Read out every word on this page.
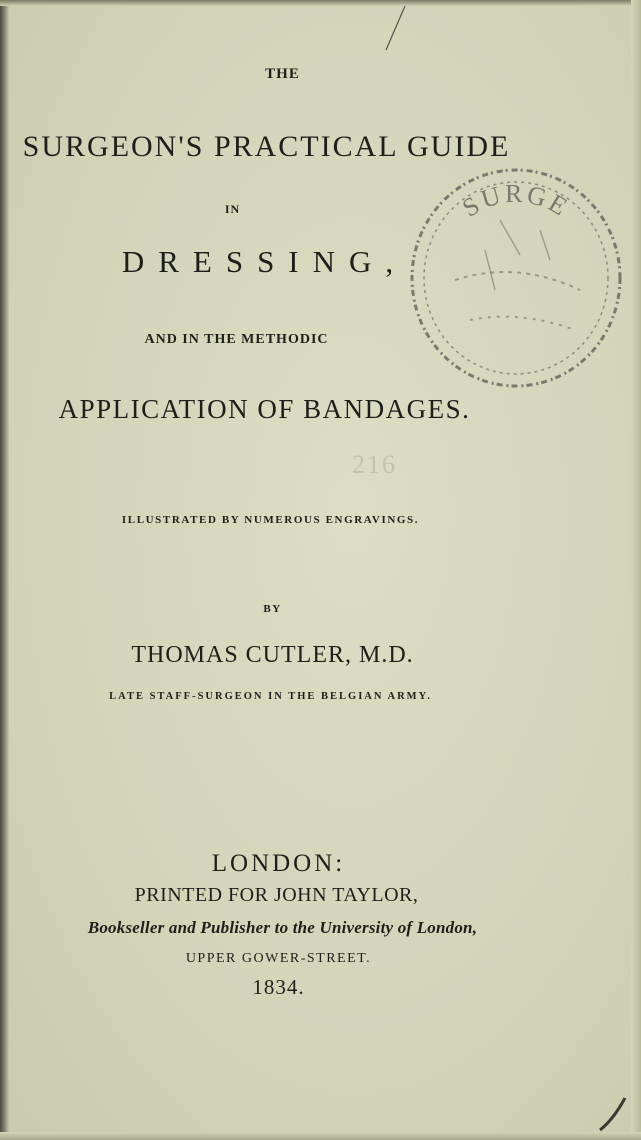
THE
SURGEON'S PRACTICAL GUIDE
IN
DRESSING,
AND IN THE METHODIC
APPLICATION OF BANDAGES.
SURGE
216
ILLUSTRATED BY NUMEROUS ENGRAVINGS.
BY
THOMAS CUTLER, M.D.
LATE STAFF-SURGEON IN THE BELGIAN ARMY.
LONDON:
PRINTED FOR JOHN TAYLOR,
Bookseller and Publisher to the University of London,
UPPER GOWER-STREET.
1834.
